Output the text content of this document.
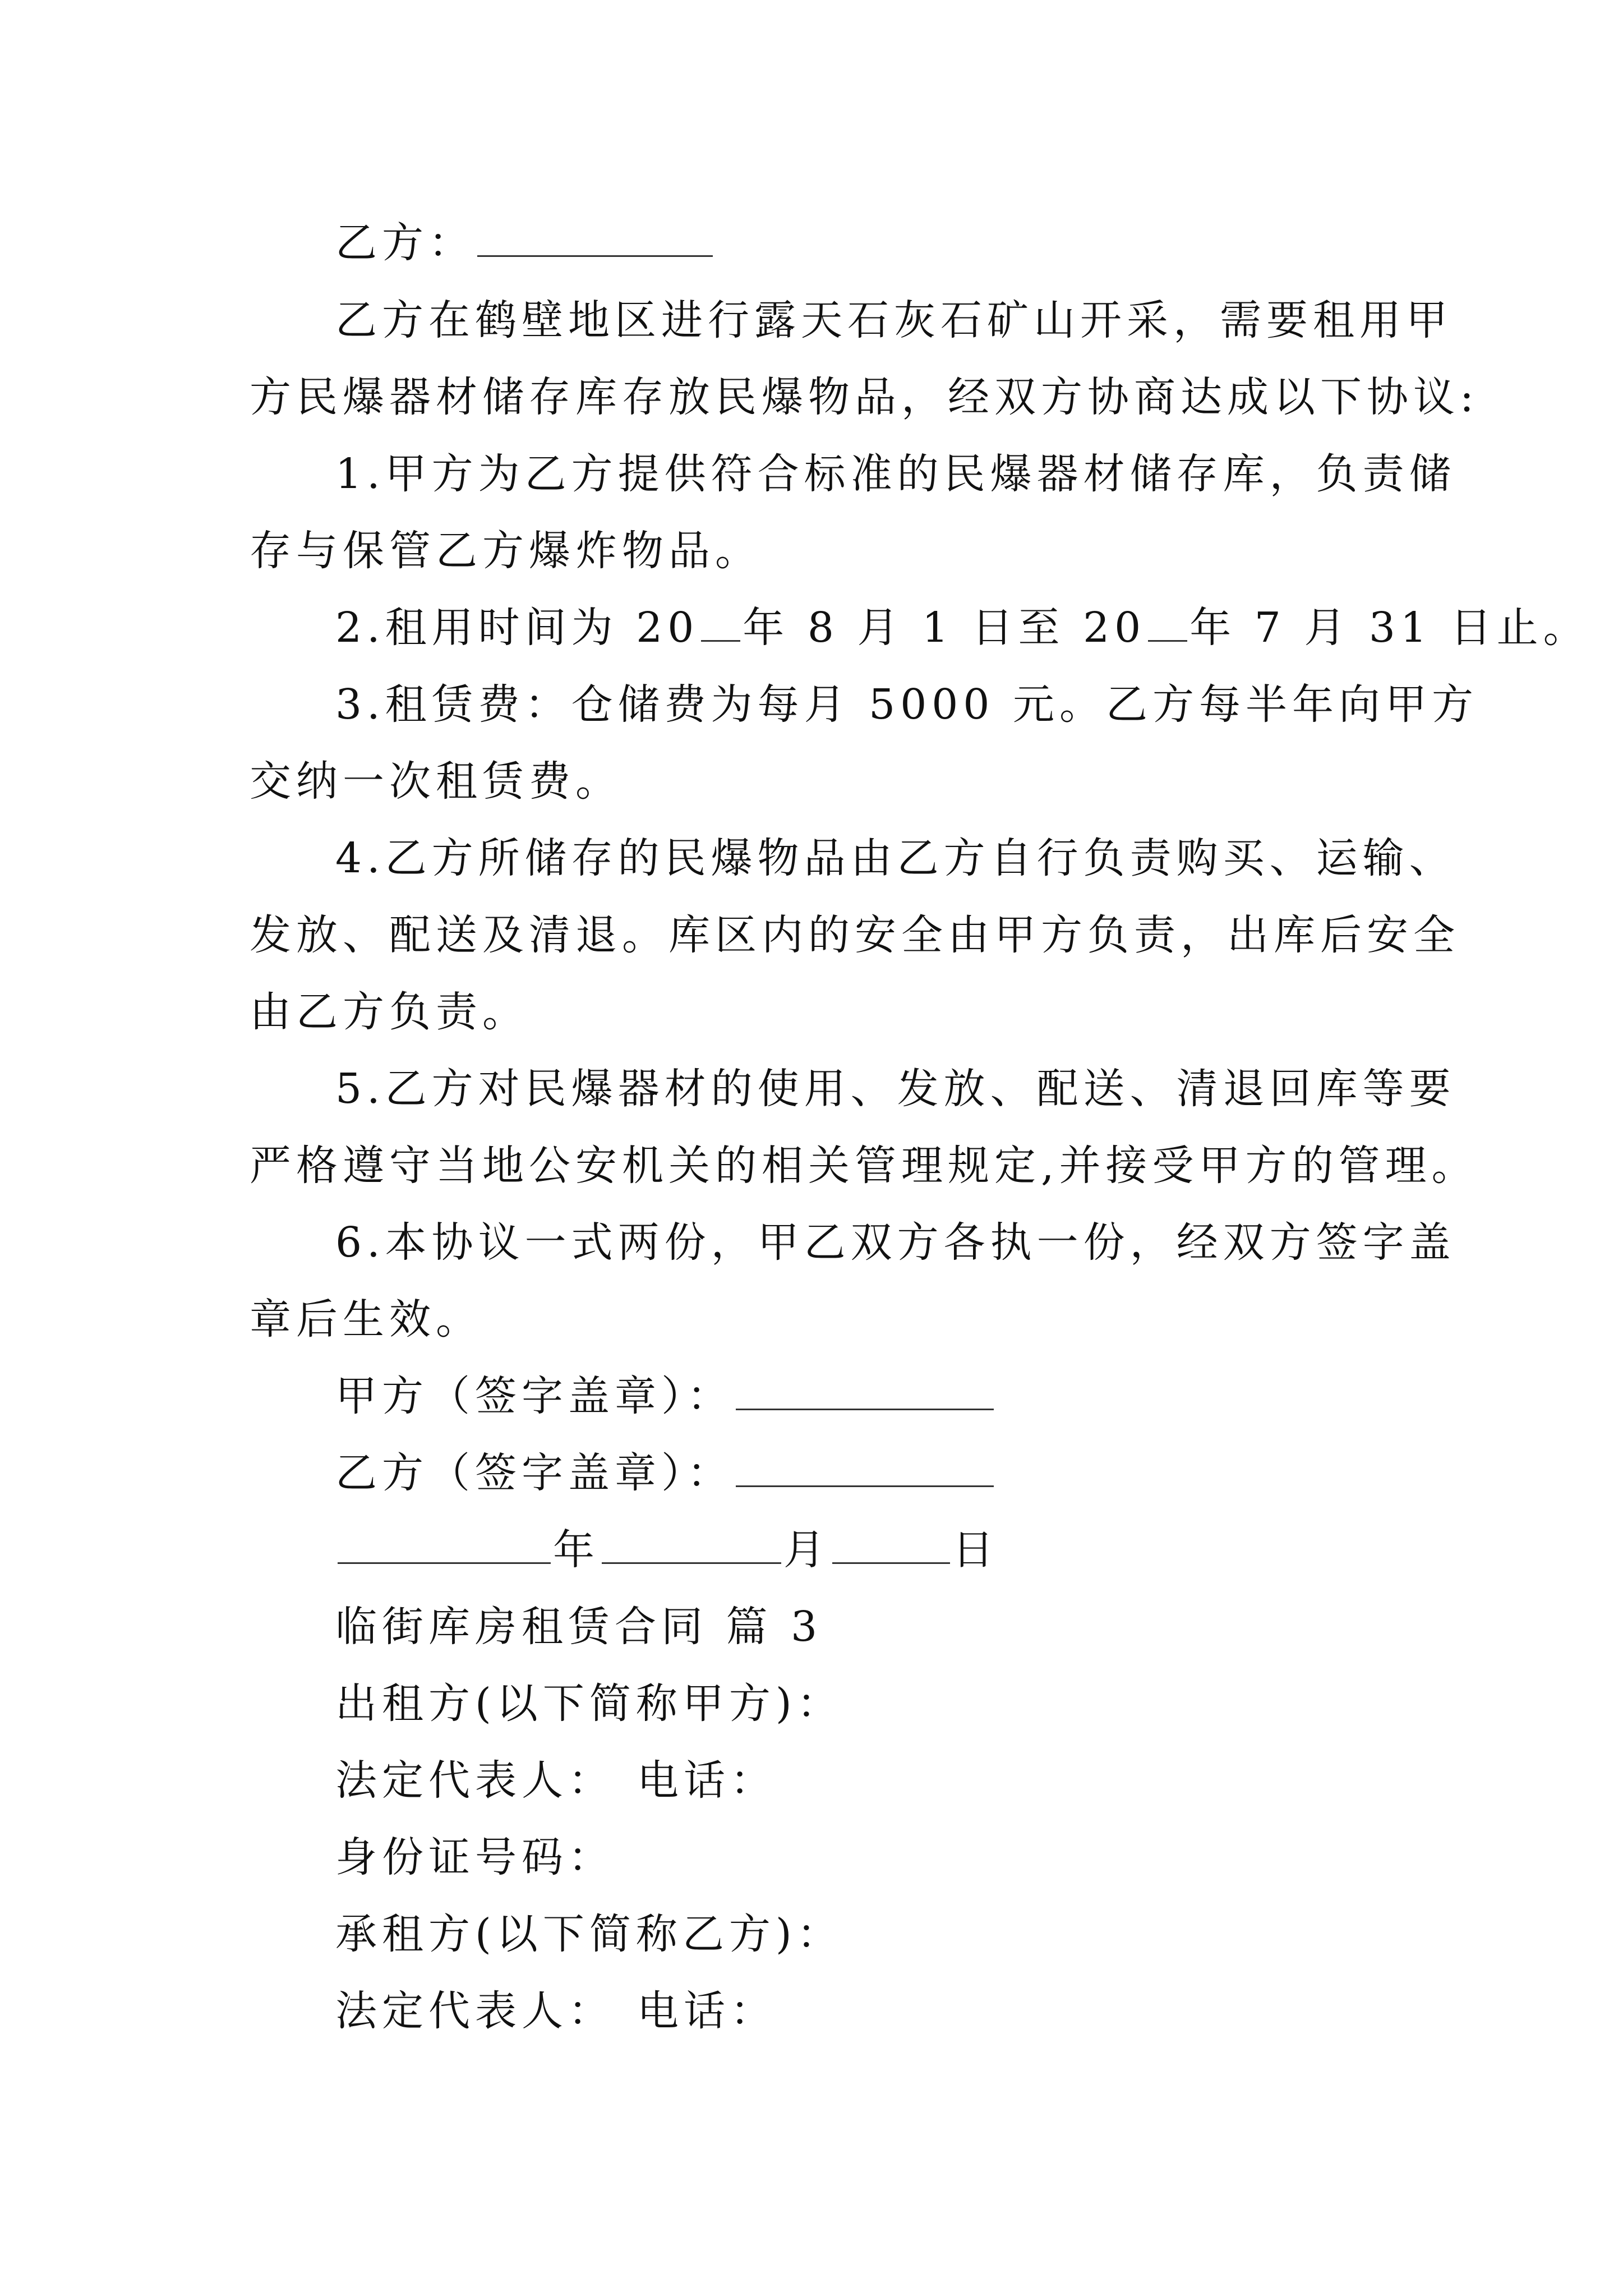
乙方：
乙方在鹤壁地区进行露天石灰石矿山开采，需要租用甲
方民爆器材储存库存放民爆物品，经双方协商达成以下协议:
1.甲方为乙方提供符合标准的民爆器材储存库，负责储
存与保管乙方爆炸物品。
2.租用时间为 20 年 8 月 1 日至 20 年 7 月 31 日止。
3.租赁费：仓储费为每月 5000 元。乙方每半年向甲方
交纳一次租赁费。
4.乙方所储存的民爆物品由乙方自行负责购买、运输、
发放、配送及清退。库区内的安全由甲方负责，出库后安全
由乙方负责。
5.乙方对民爆器材的使用、发放、配送、清退回库等要
严格遵守当地公安机关的相关管理规定,并接受甲方的管理。
6.本协议一式两份，甲乙双方各执一份，经双方签字盖
章后生效。
甲方（签字盖章）：
乙方（签字盖章）：
年	月	日
临街库房租赁合同 篇 3
出租方(以下简称甲方)：
法定代表人： 电话：
身份证号码：
承租方(以下简称乙方)：
法定代表人： 电话：
